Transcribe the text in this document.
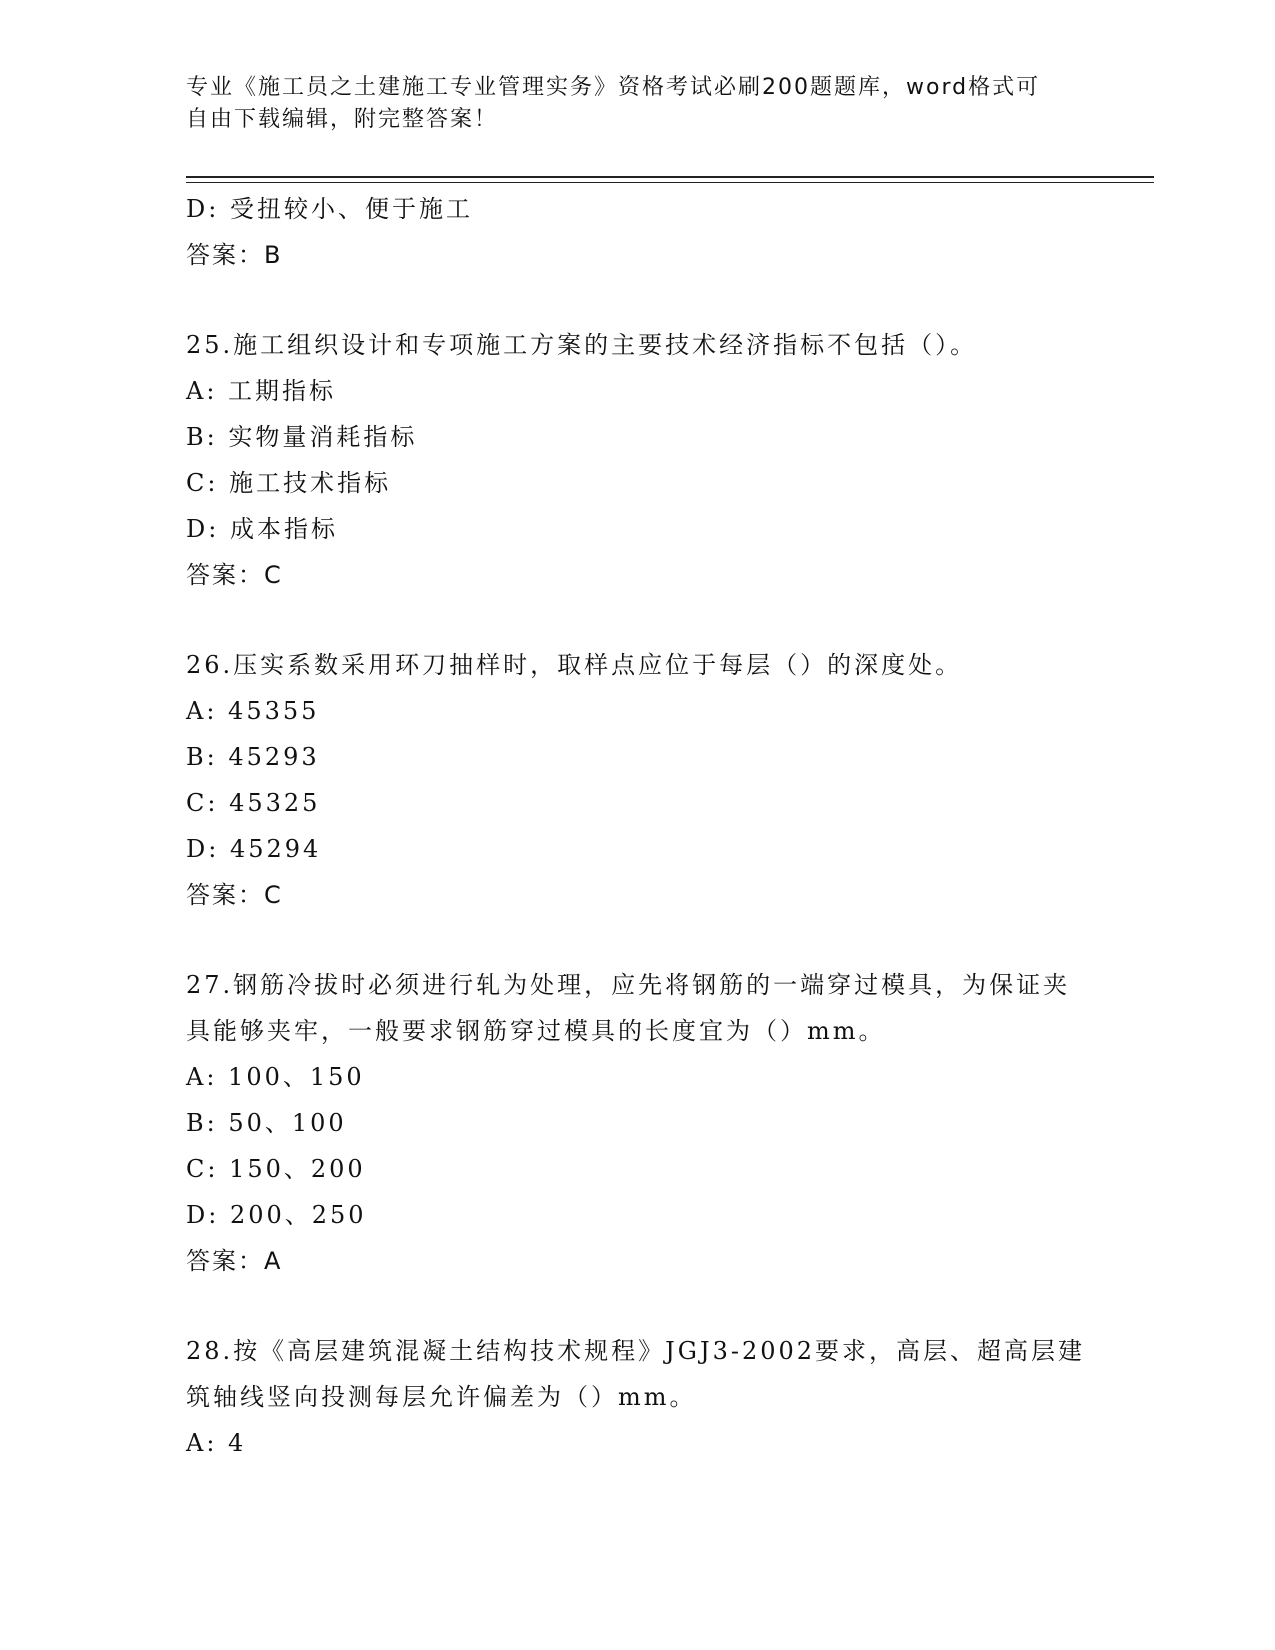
专业《施工员之土建施工专业管理实务》资格考试必刷200题题库，word格式可
自由下载编辑，附完整答案！
D: 受扭较小、便于施工
答案：B
25.施工组织设计和专项施工方案的主要技术经济指标不包括（）。
A: 工期指标
B: 实物量消耗指标
C: 施工技术指标
D: 成本指标
答案：C
26.压实系数采用环刀抽样时，取样点应位于每层（）的深度处。
A: 45355
B: 45293
C: 45325
D: 45294
答案：C
27.钢筋冷拔时必须进行轧为处理，应先将钢筋的一端穿过模具，为保证夹具能够夹牢，一般要求钢筋穿过模具的长度宜为（）mm。
A: 100、150
B: 50、100
C: 150、200
D: 200、250
答案：A
28.按《高层建筑混凝土结构技术规程》JGJ3-2002要求，高层、超高层建筑轴线竖向投测每层允许偏差为（）mm。
A: 4
